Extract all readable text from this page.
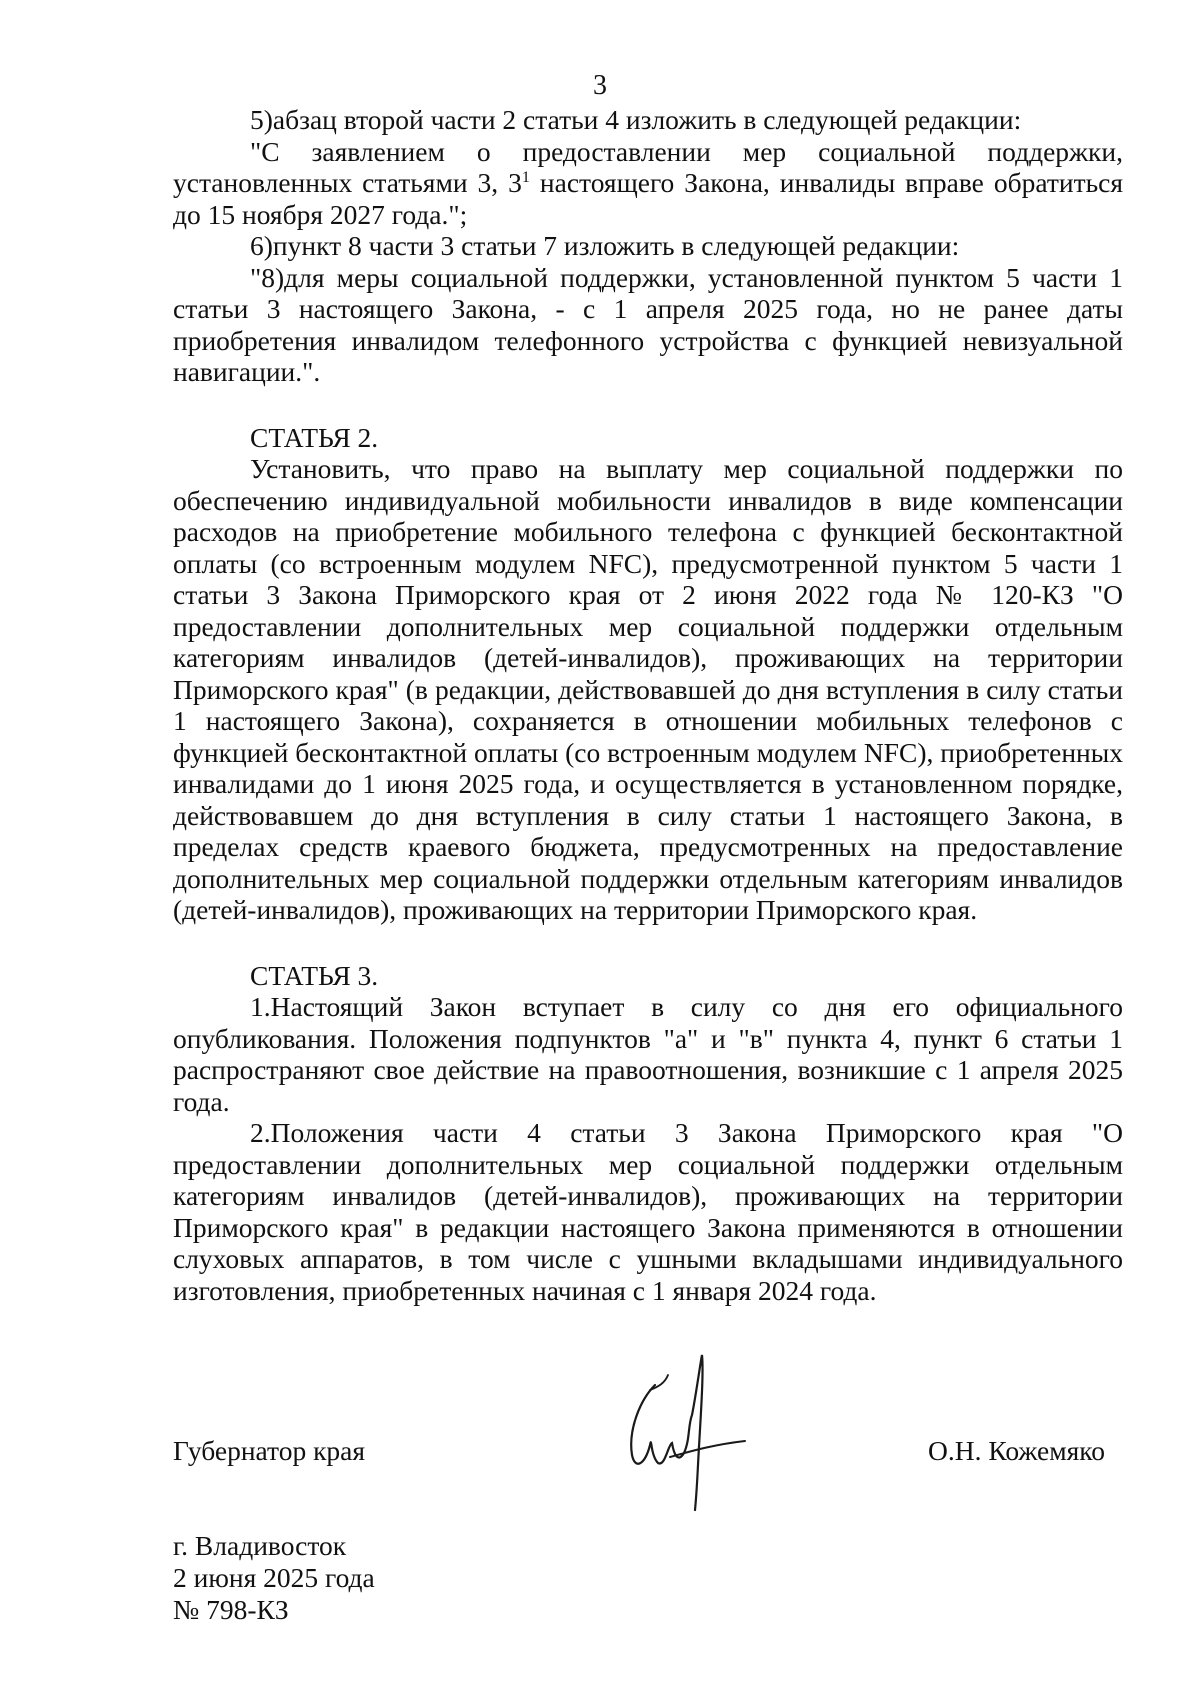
3

5)абзац второй части 2 статьи 4 изложить в следующей редакции:

"С заявлением о предоставлении мер социальной поддержки, установленных статьями 3, $3^1$ настоящего Закона, инвалиды вправе обратиться до 15 ноября 2027 года.";

6)пункт 8 части 3 статьи 7 изложить в следующей редакции:

"8)для меры социальной поддержки, установленной пунктом 5 части 1 статьи 3 настоящего Закона, - с 1 апреля 2025 года, но не ранее даты приобретения инвалидом телефонного устройства с функцией невизуальной навигации.".

СТАТЬЯ 2.

Установить, что право на выплату мер социальной поддержки по обеспечению индивидуальной мобильности инвалидов в виде компенсации расходов на приобретение мобильного телефона с функцией бесконтактной оплаты (со встроенным модулем NFC), предусмотренной пунктом 5 части 1 статьи 3 Закона Приморского края от 2 июня 2022 года № 120-КЗ "О предоставлении дополнительных мер социальной поддержки отдельным категориям инвалидов (детей-инвалидов), проживающих на территории Приморского края" (в редакции, действовавшей до дня вступления в силу статьи 1 настоящего Закона), сохраняется в отношении мобильных телефонов с функцией бесконтактной оплаты (со встроенным модулем NFC), приобретенных инвалидами до 1 июня 2025 года, и осуществляется в установленном порядке, действовавшем до дня вступления в силу статьи 1 настоящего Закона, в пределах средств краевого бюджета, предусмотренных на предоставление дополнительных мер социальной поддержки отдельным категориям инвалидов (детей-инвалидов), проживающих на территории Приморского края.

СТАТЬЯ 3.

1.Настоящий Закон вступает в силу со дня его официального опубликования. Положения подпунктов "а" и "в" пункта 4, пункт 6 статьи 1 распространяют свое действие на правоотношения, возникшие с 1 апреля 2025 года.

2.Положения части 4 статьи 3 Закона Приморского края "О предоставлении дополнительных мер социальной поддержки отдельным категориям инвалидов (детей-инвалидов), проживающих на территории Приморского края" в редакции настоящего Закона применяются в отношении слуховых аппаратов, в том числе с ушными вкладышами индивидуального изготовления, приобретенных начиная с 1 января 2024 года.

Губернатор края	О.Н. Кожемяко
г. Владивосток
2 июня 2025 года
№ 798-КЗ
